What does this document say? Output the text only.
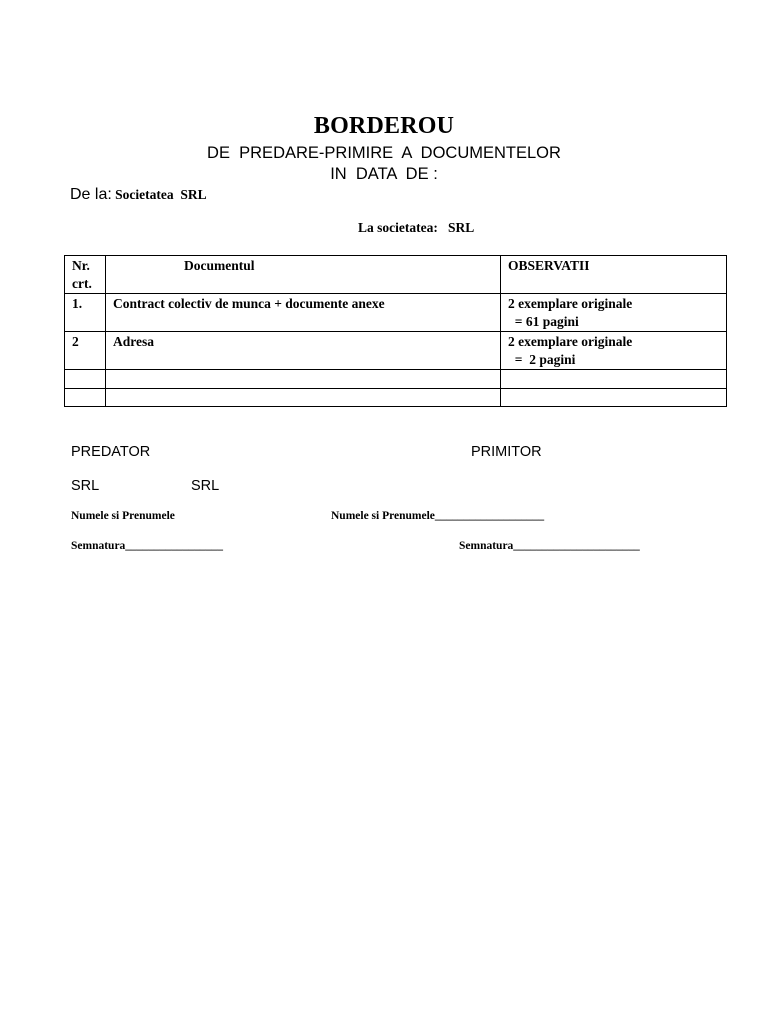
BORDEROU
DE  PREDARE-PRIMIRE  A  DOCUMENTELOR
IN  DATA  DE :
De la: Societatea  SRL
La societatea:   SRL
Nr.
crt.	Documentul	OBSERVATII
1.	Contract colectiv de munca + documente anexe	2 exemplare originale
= 61 pagini
2	Adresa	2 exemplare originale
=  2 pagini

PREDATOR	PRIMITOR
SRL	SRL
Numele si Prenumele	Numele si Prenumele___________________
Semnatura_________________	Semnatura______________________
